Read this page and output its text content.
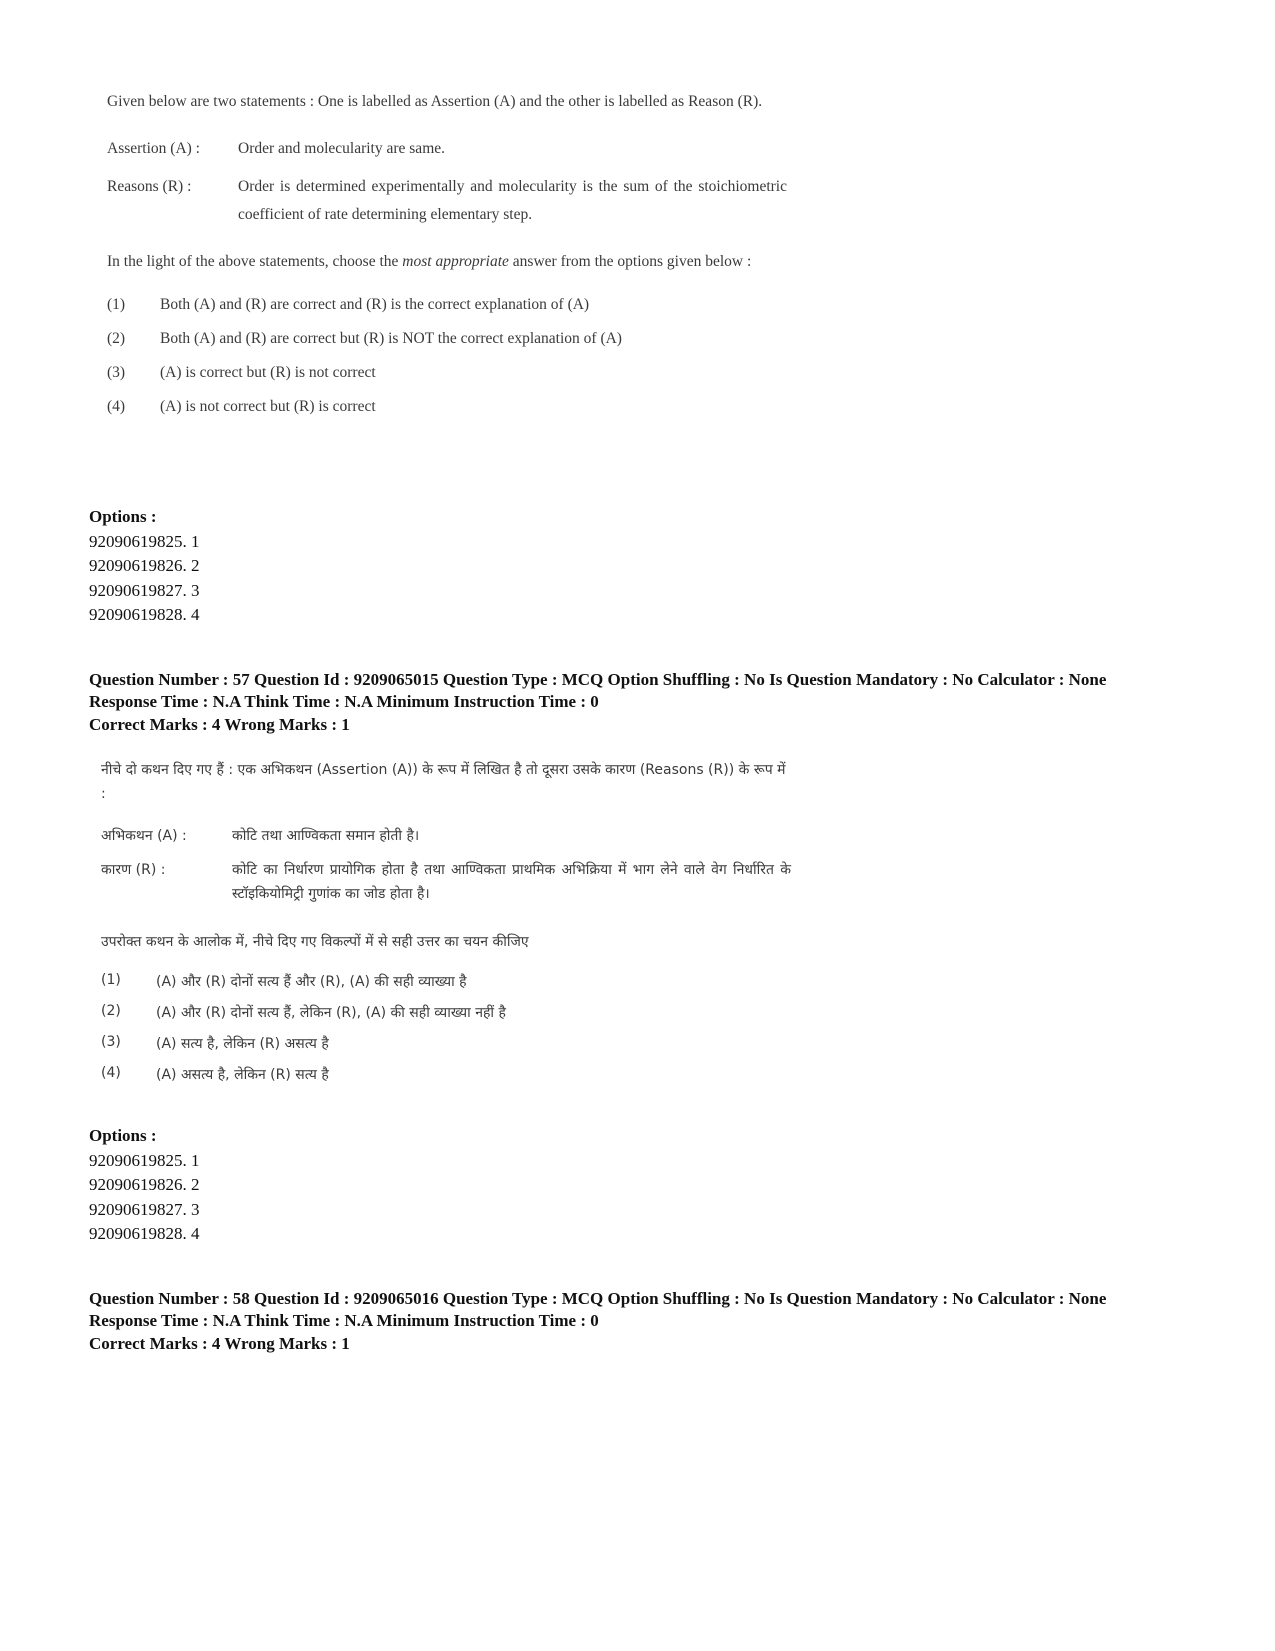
Given below are two statements : One is labelled as Assertion (A) and the other is labelled as Reason (R).

Assertion (A) :	Order and molecularity are same.
Reasons (R) :	Order is determined experimentally and molecularity is the sum of the stoichiometric coefficient of rate determining elementary step.

In the light of the above statements, choose the most appropriate answer from the options given below :

(1)	Both (A) and (R) are correct and (R) is the correct explanation of (A)
(2)	Both (A) and (R) are correct but (R) is NOT the correct explanation of (A)
(3)	(A) is correct but (R) is not correct
(4)	(A) is not correct but (R) is correct
Options :
92090619825. 1
92090619826. 2
92090619827. 3
92090619828. 4
Question Number : 57 Question Id : 9209065015 Question Type : MCQ Option Shuffling : No Is Question Mandatory : No Calculator : None
Response Time : N.A Think Time : N.A Minimum Instruction Time : 0
Correct Marks : 4 Wrong Marks : 1

नीचे दो कथन दिए गए हैं : एक अभिकथन (Assertion (A)) के रूप में लिखित है तो दूसरा उसके कारण (Reasons (R)) के रूप में :

अभिकथन (A) :	कोटि तथा आण्विकता समान होती है।
कारण (R) :	कोटि का निर्धारण प्रायोगिक होता है तथा आण्विकता प्राथमिक अभिक्रिया में भाग लेने वाले वेग निर्धारित के स्टॉइकियोमिट्री गुणांक का जोड होता है।

उपरोक्त कथन के आलोक में, नीचे दिए गए विकल्पों में से सही उत्तर का चयन कीजिए

(1)	(A) और (R) दोनों सत्य हैं और (R), (A) की सही व्याख्या है
(2)	(A) और (R) दोनों सत्य हैं, लेकिन (R), (A) की सही व्याख्या नहीं है
(3)	(A) सत्य है, लेकिन (R) असत्य है
(4)	(A) असत्य है, लेकिन (R) सत्य है
Options :
92090619825. 1
92090619826. 2
92090619827. 3
92090619828. 4
Question Number : 58 Question Id : 9209065016 Question Type : MCQ Option Shuffling : No Is Question Mandatory : No Calculator : None
Response Time : N.A Think Time : N.A Minimum Instruction Time : 0
Correct Marks : 4 Wrong Marks : 1
